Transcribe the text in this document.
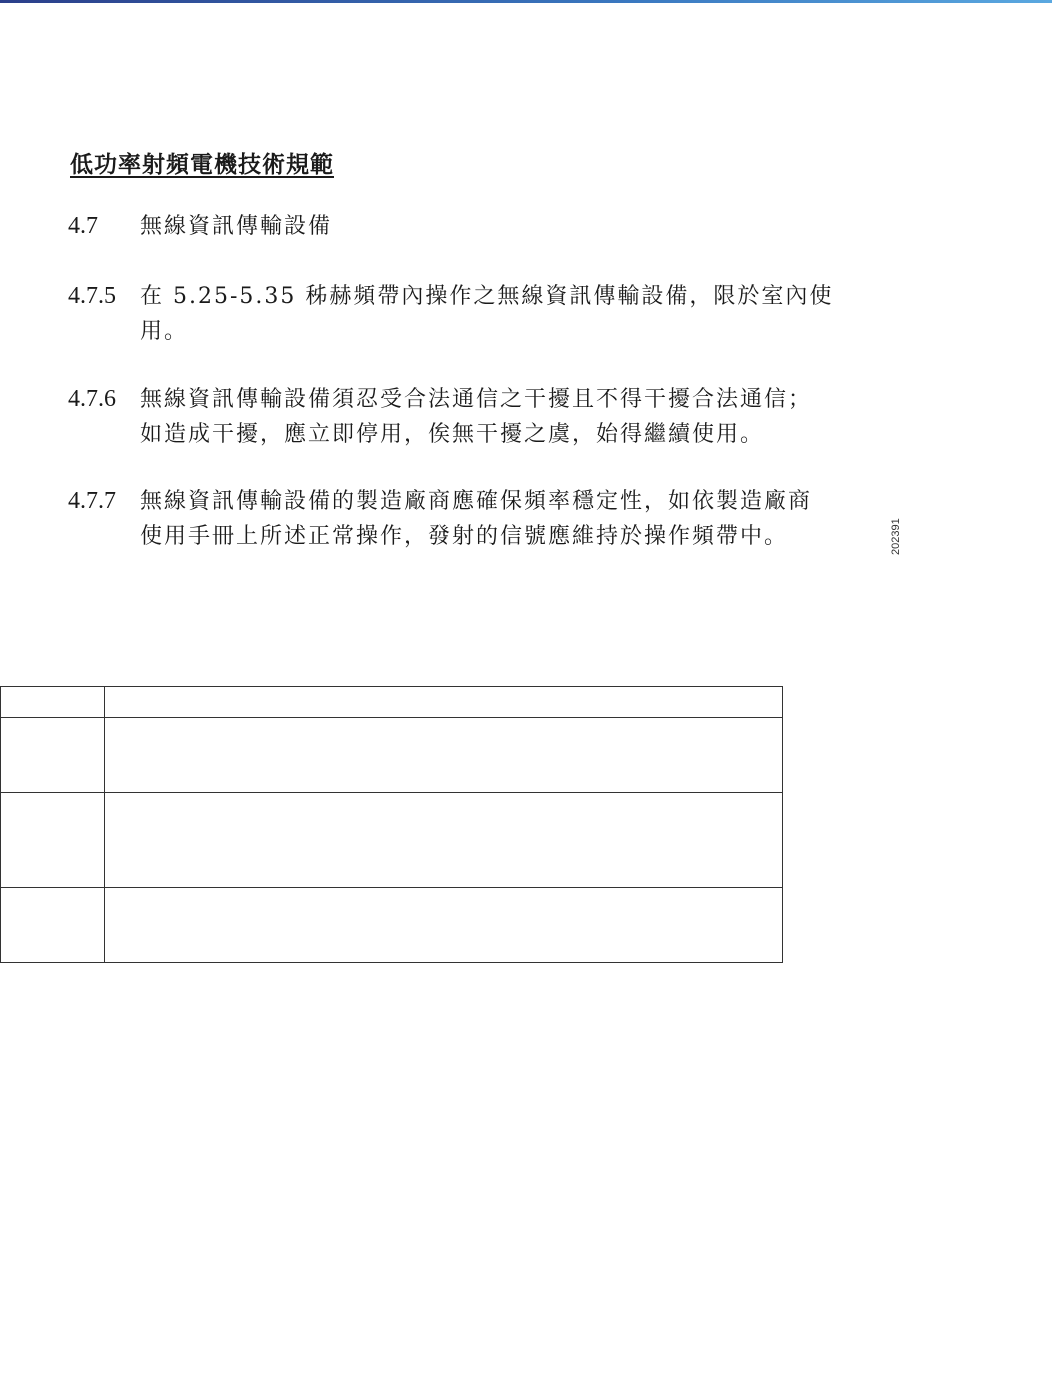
低功率射頻電機技術規範
4.7 無線資訊傳輸設備
4.7.5 在 5.25-5.35 秭赫頻帶內操作之無線資訊傳輸設備，限於室內使
用。
4.7.6 無線資訊傳輸設備須忍受合法通信之干擾且不得干擾合法通信；
如造成干擾，應立即停用，俟無干擾之虞，始得繼續使用。
4.7.7 無線資訊傳輸設備的製造廠商應確保頻率穩定性，如依製造廠商
使用手冊上所述正常操作，發射的信號應維持於操作頻帶中。	202391
